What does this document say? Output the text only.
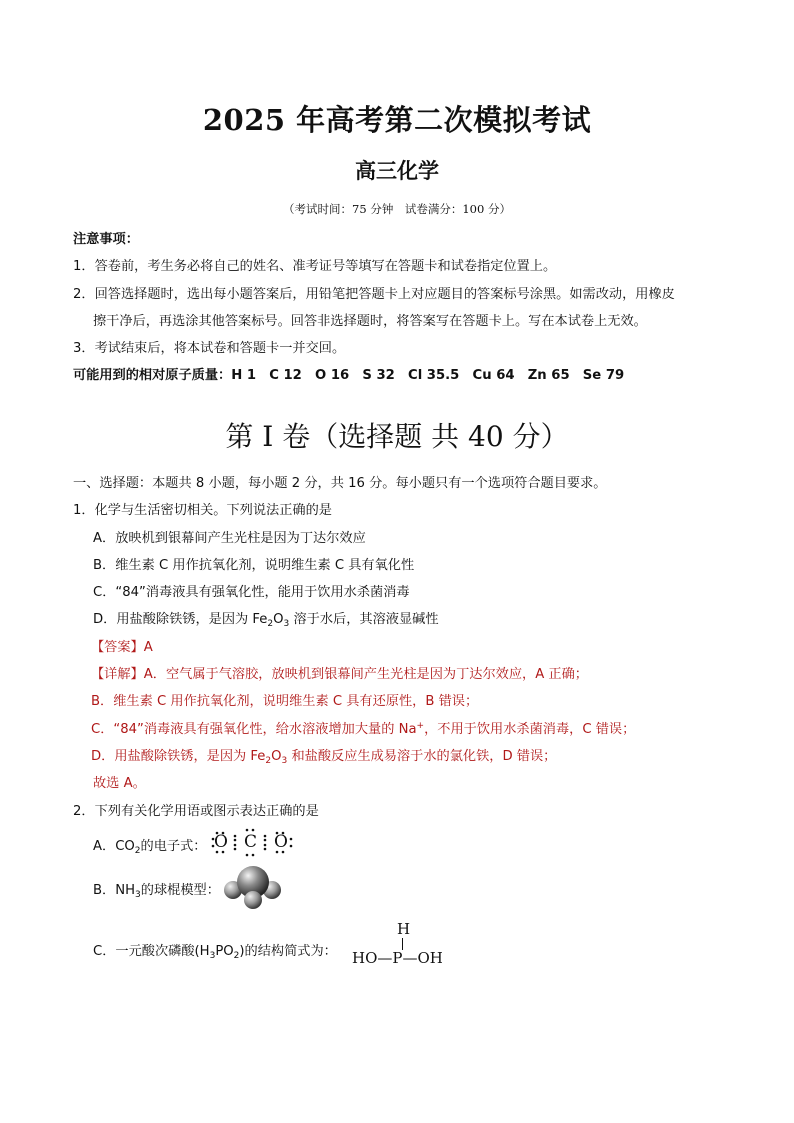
2025 年高考第二次模拟考试
高三化学
（考试时间：75 分钟　试卷满分：100 分）
注意事项：
1．答卷前，考生务必将自己的姓名、准考证号等填写在答题卡和试卷指定位置上。
2．回答选择题时，选出每小题答案后，用铅笔把答题卡上对应题目的答案标号涂黑。如需改动，用橡皮
擦干净后，再选涂其他答案标号。回答非选择题时，将答案写在答题卡上。写在本试卷上无效。
3．考试结束后，将本试卷和答题卡一并交回。
可能用到的相对原子质量：H 1　C 12　O 16　S 32　Cl 35.5　Cu 64　Zn 65　Se 79
第 I 卷（选择题 共 40 分）
一、选择题：本题共 8 小题，每小题 2 分，共 16 分。每小题只有一个选项符合题目要求。
1．化学与生活密切相关。下列说法正确的是
A．放映机到银幕间产生光柱是因为丁达尔效应
B．维生素 C 用作抗氧化剂，说明维生素 C 具有氧化性
C．“84”消毒液具有强氧化性，能用于饮用水杀菌消毒
D．用盐酸除铁锈，是因为 $Fe_2O_3$ 溶于水后，其溶液显碱性
【答案】A
【详解】A．空气属于气溶胶，放映机到银幕间产生光柱是因为丁达尔效应，A 正确；
B．维生素 C 用作抗氧化剂，说明维生素 C 具有还原性，B 错误；
C．“84”消毒液具有强氧化性，给水溶液增加大量的 Na+，不用于饮用水杀菌消毒，C 错误；
D．用盐酸除铁锈，是因为 $Fe_2O_3$ 和盐酸反应生成易溶于水的氯化铁，D 错误；
故选 A。
2．下列有关化学用语或图示表达正确的是
A．$CO_2$的电子式： O C O
B．$NH_3$的球棍模型：
C．一元酸次磷酸$(H_3PO_2)$的结构简式为：
H
HO—P—OH
